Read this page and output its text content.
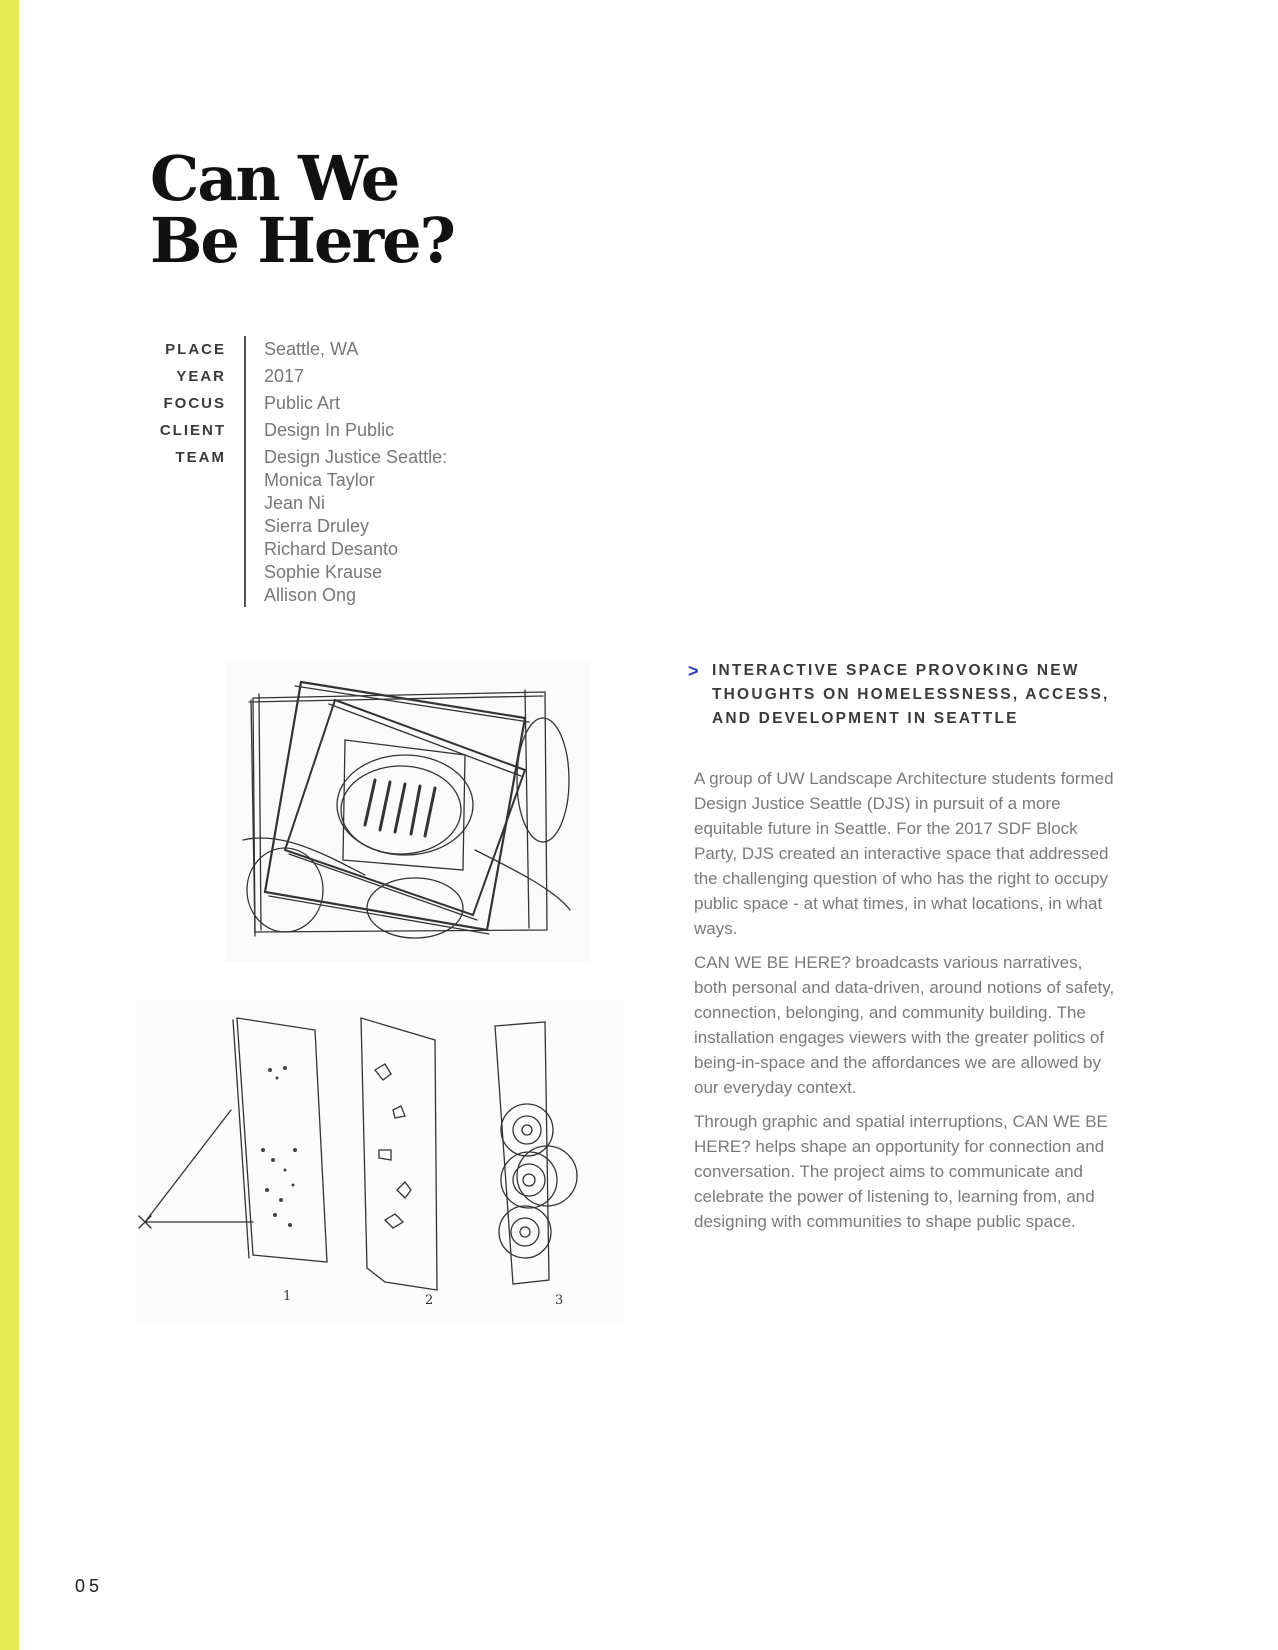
Can We
Be Here?
PLACE	Seattle, WA
YEAR	2017
FOCUS	Public Art
CLIENT	Design In Public
TEAM	Design Justice Seattle:
Monica Taylor
Jean Ni
Sierra Druley
Richard Desanto
Sophie Krause
Allison Ong
1	2	3
> INTERACTIVE SPACE PROVOKING NEW
THOUGHTS ON HOMELESSNESS, ACCESS,
AND DEVELOPMENT IN SEATTLE

A group of UW Landscape Architecture students formed Design Justice Seattle (DJS) in pursuit of a more equitable future in Seattle. For the 2017 SDF Block Party, DJS created an interactive space that addressed the challenging question of who has the right to occupy public space - at what times, in what locations, in what ways.

CAN WE BE HERE? broadcasts various narratives, both personal and data-driven, around notions of safety, connection, belonging, and community building. The installation engages viewers with the greater politics of being-in-space and the affordances we are allowed by our everyday context.

Through graphic and spatial interruptions, CAN WE BE HERE? helps shape an opportunity for connection and conversation. The project aims to communicate and celebrate the power of listening to, learning from, and designing with communities to shape public space.

05
